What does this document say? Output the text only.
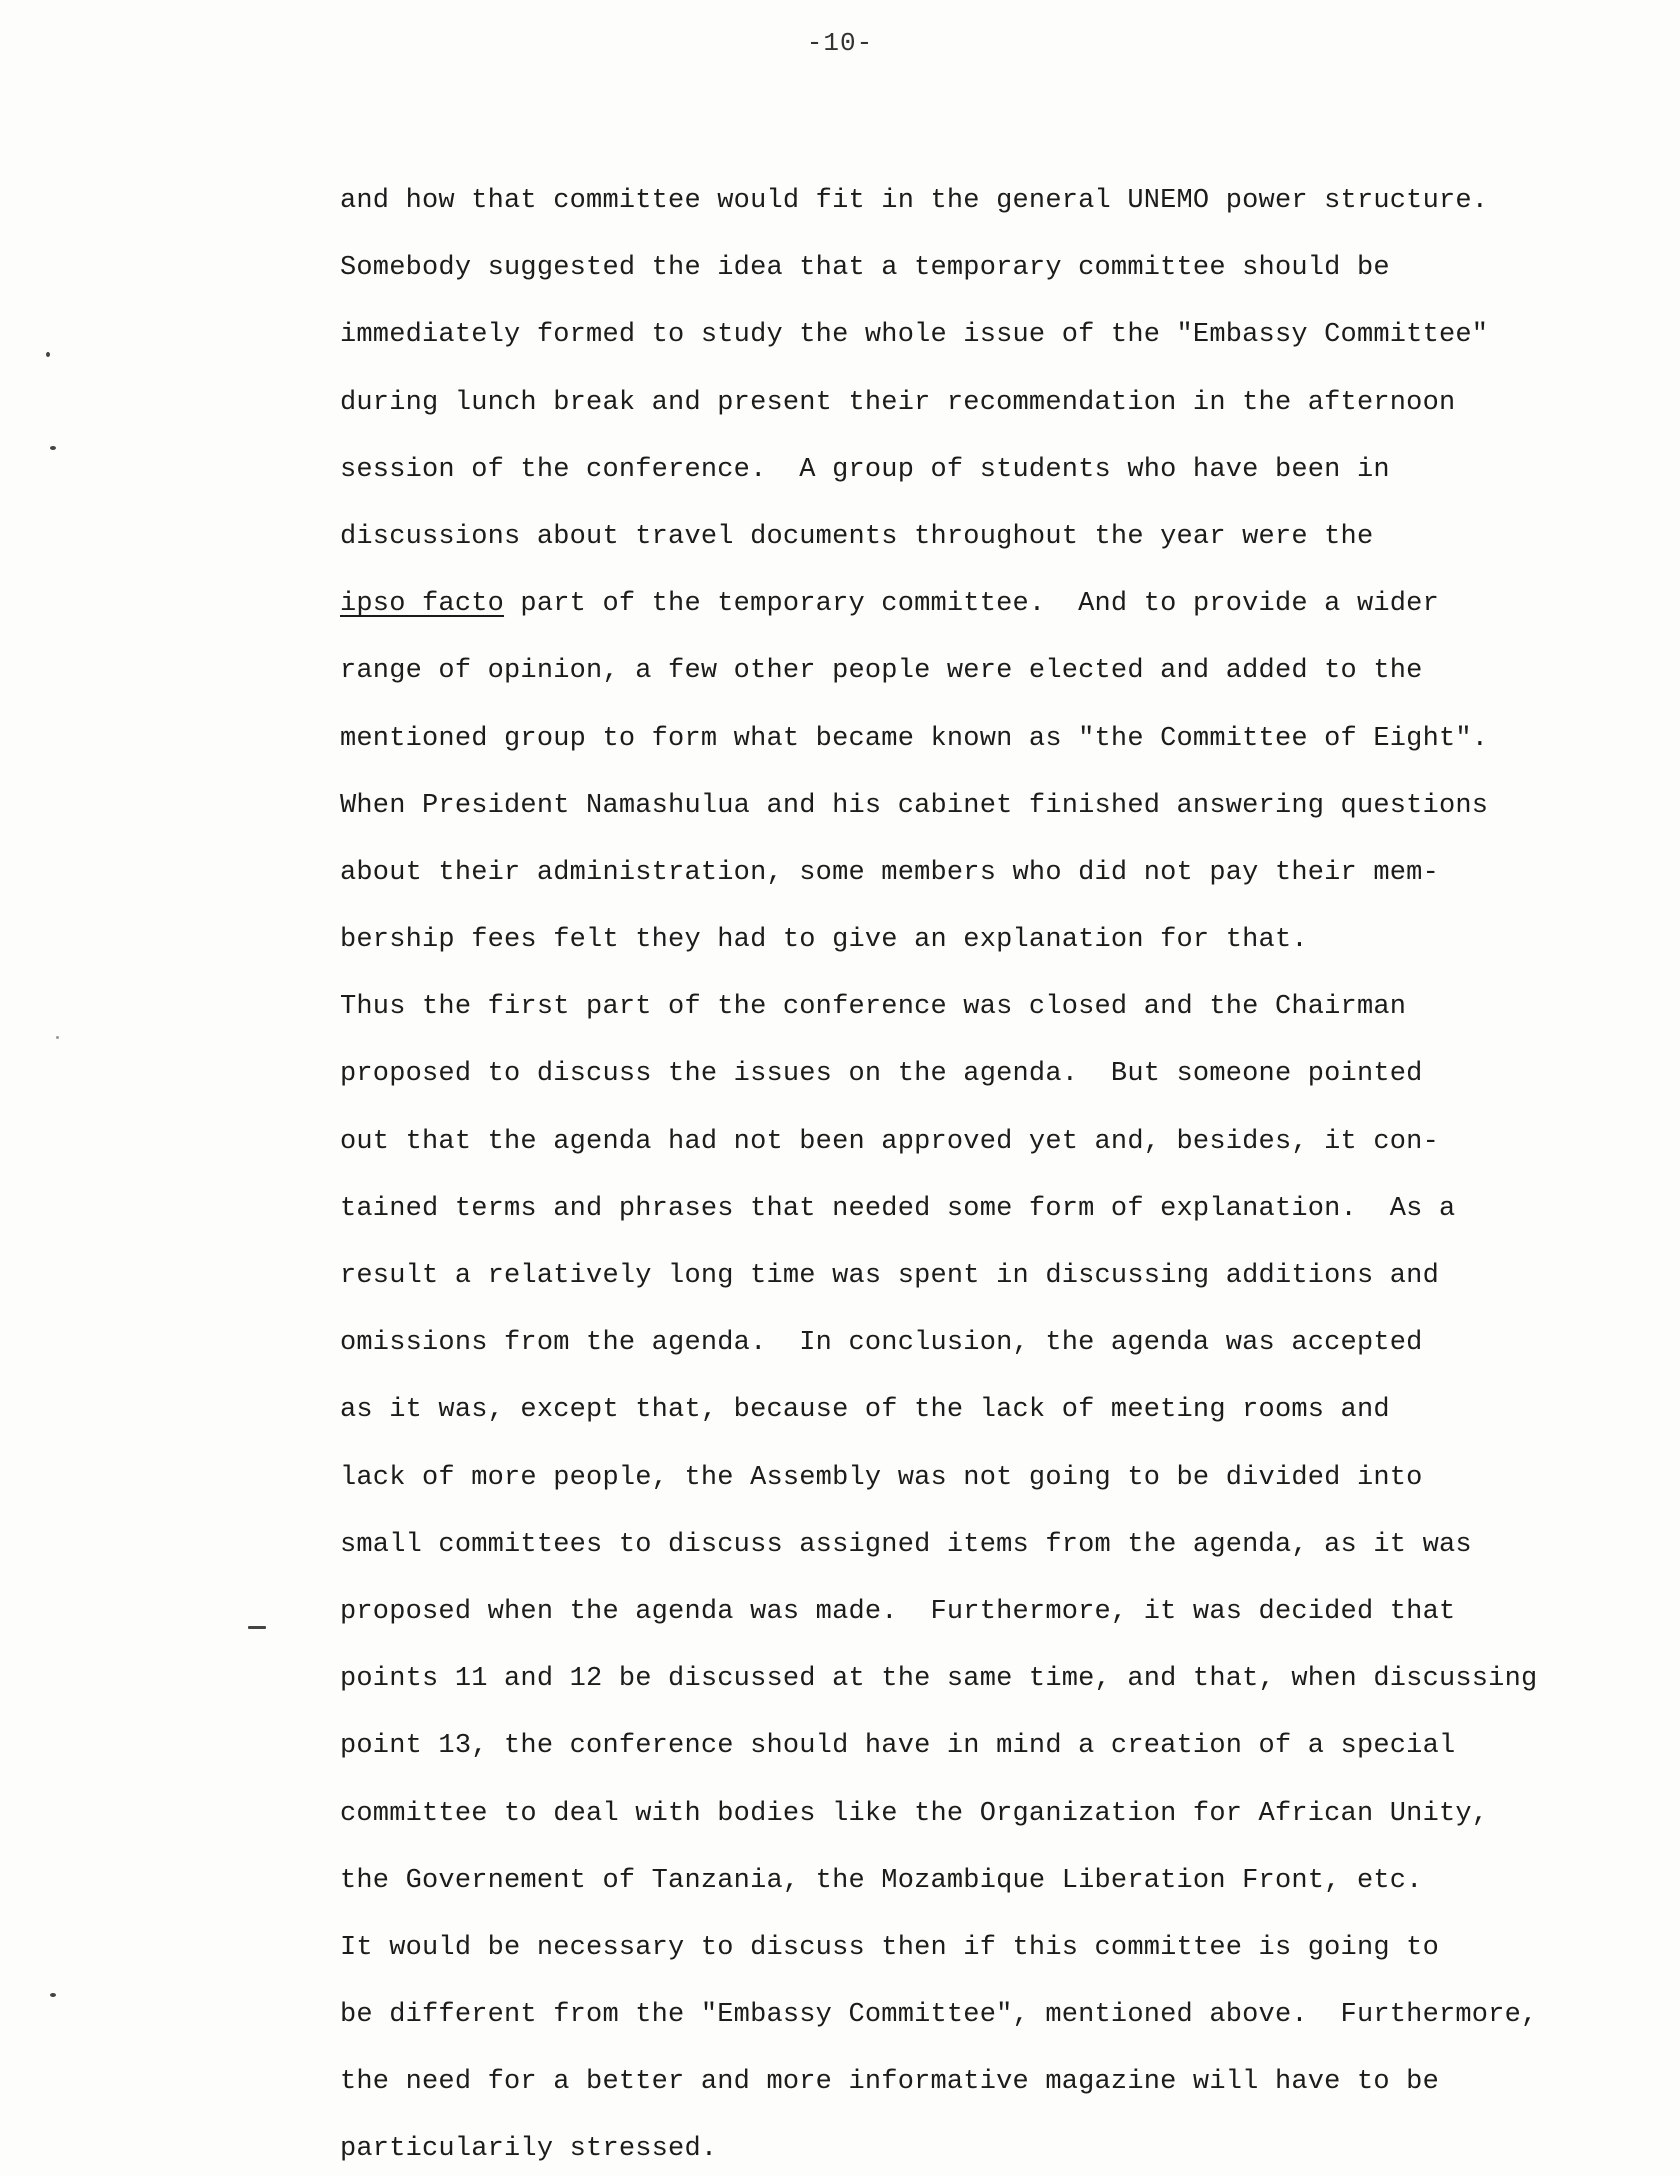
-10-
and how that committee would fit in the general UNEMO power structure.
Somebody suggested the idea that a temporary committee should be
immediately formed to study the whole issue of the "Embassy Committee"
during lunch break and present their recommendation in the afternoon
session of the conference.  A group of students who have been in
discussions about travel documents throughout the year were the
ipso facto part of the temporary committee.  And to provide a wider
range of opinion, a few other people were elected and added to the
mentioned group to form what became known as "the Committee of Eight".
When President Namashulua and his cabinet finished answering questions
about their administration, some members who did not pay their mem-
bership fees felt they had to give an explanation for that.
Thus the first part of the conference was closed and the Chairman
proposed to discuss the issues on the agenda.  But someone pointed
out that the agenda had not been approved yet and, besides, it con-
tained terms and phrases that needed some form of explanation.  As a
result a relatively long time was spent in discussing additions and
omissions from the agenda.  In conclusion, the agenda was accepted
as it was, except that, because of the lack of meeting rooms and
lack of more people, the Assembly was not going to be divided into
small committees to discuss assigned items from the agenda, as it was
proposed when the agenda was made.  Furthermore, it was decided that
points 11 and 12 be discussed at the same time, and that, when discussing
point 13, the conference should have in mind a creation of a special
committee to deal with bodies like the Organization for African Unity,
the Governement of Tanzania, the Mozambique Liberation Front, etc.
It would be necessary to discuss then if this committee is going to
be different from the "Embassy Committee", mentioned above.  Furthermore,
the need for a better and more informative magazine will have to be
particularily stressed.
